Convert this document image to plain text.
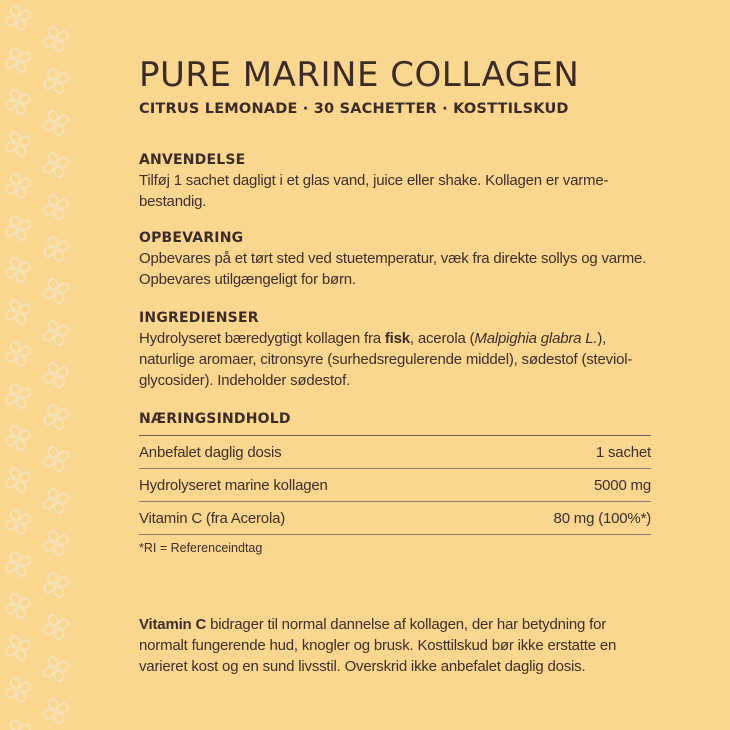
PURE MARINE COLLAGEN

CITRUS LEMONADE · 30 SACHETTER · KOSTTILSKUD

ANVENDELSE

Tilføj 1 sachet dagligt i et glas vand, juice eller shake. Kollagen er varme-bestandig.

OPBEVARING

Opbevares på et tørt sted ved stuetemperatur, væk fra direkte sollys og varme. Opbevares utilgængeligt for børn.

INGREDIENSER

Hydrolyseret bæredygtigt kollagen fra fisk, acerola (Malpighia glabra L.), naturlige aromaer, citronsyre (surhedsregulerende middel), sødestof (steviol-glycosider). Indeholder sødestof.

NÆRINGSINDHOLD

Anbefalet daglig dosis	1 sachet
Hydrolyseret marine kollagen	5000 mg
Vitamin C (fra Acerola)	80 mg (100%*)

*RI = Referenceindtag

Vitamin C bidrager til normal dannelse af kollagen, der har betydning for normalt fungerende hud, knogler og brusk. Kosttilskud bør ikke erstatte en varieret kost og en sund livsstil. Overskrid ikke anbefalet daglig dosis.
